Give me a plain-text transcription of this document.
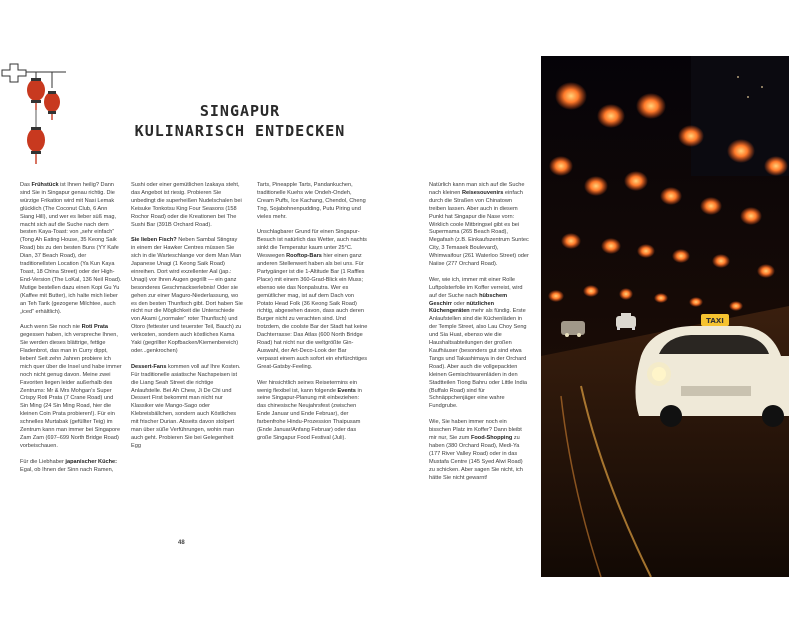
SINGAPUR
KULINARISCH ENTDECKEN

Das Frühstück ist Ihnen heilig? Dann sind Sie in Singapur genau richtig. Die würzige Frikation wird mit Nasi Lemak glücklich (The Coconut Club, 6 Ann Siang Hill), und wer es lieber süß mag, macht sich auf die Suche nach dem besten Kaya-Toast: von „sehr einfach“ (Tong Ah Eating House, 35 Keong Saik Road) bis zu den besten Buns (YY Kafe Dian, 37 Beach Road), der traditionellsten Location (Ya Kun Kaya Toast, 18 China Street) oder der High-End-Version (The LoKal, 136 Neil Road). Mutige bestellen dazu einen Kopi Gu Yu (Kaffee mit Butter), ich halte mich lieber an Teh Tarik (gezogene Milchtee, auch „iced“ erhältlich).

Auch wenn Sie noch nie Roti Prata gegessen haben, ich verspreche Ihnen, Sie werden dieses blättrige, fettige Fladenbrot, das man in Curry dippt, lieben! Seit zehn Jahren probiere ich mich quer über die Insel und habe immer noch nicht genug davon. Meine zwei Favoriten liegen leider außerhalb des Zentrums: Mr & Mrs Mohgan’s Super Crispy Roti Prata (7 Crane Road) und Sin Ming (24 Sin Ming Road, hier die kleinen Coin Prata probieren!). Für ein schnelles Murtabak (gefüllter Teig) im Zentrum kann man immer bei Singapore Zam Zam (697–699 North Bridge Road) vorbeischauen.

Für die Liebhaber japanischer Küche: Egal, ob Ihnen der Sinn nach Ramen,

Sushi oder einer gemütlichen Izakaya steht, das Angebot ist riesig. Probieren Sie unbedingt die superheißen Nudelschalen bei Keisuke Tonkotsu King Four Seasons (158 Rochor Road) oder die Kreationen bei The Sushi Bar (391B Orchard Road).

Sie lieben Fisch? Neben Sambal Stingray in einem der Hawker Centres müssen Sie sich in die Warteschlange vor dem Man Man Japanese Unagi (1 Keong Saik Road) einreihen. Dort wird exzellenter Aal (jap.: Unagi) vor Ihren Augen gegrillt — ein ganz besonderes Geschmackserlebnis! Oder sie gehen zur einer Maguro-Niederlassung, wo es den besten Thunfisch gibt. Dort haben Sie nicht nur die Möglichkeit die Unterschiede von Akami („normaler“ roter Thunfisch) und Otoro (fettester und teuerster Teil, Bauch) zu verkosten, sondern auch köstliches Kama Yaki (gegrillter Kopfbacken/Kiemenbereich) oder...genkrochen)

Dessert-Fans kommen voll auf Ihre Kosten. Für traditionelle asiatische Nachspeisen ist die Liang Seah Street die richtige Anlaufstelle. Bei Ah Chew, Ji De Chi und Dessert First bekommt man nicht nur Klassiker wie Mango-Sago oder Klebreisbällchen, sondern auch Köstliches mit frischer Durian. Abseits davon stolpert man über süße Verführungen, wohin man auch geht. Probieren Sie bei Gelegenheit Egg

Tarts, Pineapple Tarts, Pandankuchen, traditionelle Kuehs wie Ondeh-Ondeh, Cream Puffs, Ice Kachang, Chendol, Cheng Tng, Sojabohnenpudding, Putu Piring und vieles mehr.

Unschlagbarer Grund für einen Singapur-Besuch ist natürlich das Wetter, auch nachts sinkt die Temperatur kaum unter 25°C. Weswegen Rooftop-Bars hier einen ganz anderen Stellenwert haben als bei uns. Für Partygänger ist die 1-Altitude Bar (1 Raffles Place) mit einem 360-Grad-Blick ein Muss; ebenso wie das Nonpalsutra. Wer es gemütlicher mag, ist auf dem Dach von Potato Head Folk (36 Keong Saik Road) richtig, abgesehen davon, dass auch deren Burger nicht zu verachten sind. Und trotzdem, die coolste Bar der Stadt hat keine Dachterrasse: Das Atlas (600 North Bridge Road) hat nicht nur die weltgrößte Gin-Auswahl, der Art-Deco-Look der Bar verpasst einem auch sofort ein ehrfürchtiges Great-Gatsby-Feeling.

Wer hinsichtlich seines Reisetermins ein wenig flexibel ist, kann folgende Events in seine Singapur-Planung mit einbeziehen: das chinesische Neujahrsfest (zwischen Ende Januar und Ende Februar), der farbenfrohe Hindu-Prozession Thaipusam (Ende Januar/Anfang Februar) oder das große Singapur Food Festival (Juli).

Natürlich kann man sich auf die Suche nach kleinen Reisesouvenirs einfach durch die Straßen von Chinatown treiben lassen. Aber auch in diesem Punkt hat Singapur die Nase vorn: Wirklich coole Mitbringsel gibt es bei Supermama (265 Beach Road), Megafash (z.B. Einkaufszentrum Suntec City, 3 Temasek Boulevard), Whimwaifour (261 Waterloo Street) oder Naiise (277 Orchard Road).

Wer, wie ich, immer mit einer Rolle Luftpolsterfolie im Koffer verreist, wird auf der Suche nach hübschem Geschirr oder nützlichen Küchengeräten mehr als fündig. Erste Anlaufstellen sind die Küchenläden in der Temple Street, also Lau Choy Seng und Sia Huat, ebenso wie die Haushaltsabteilungen der großen Kaufhäuser (besonders gut sind etwa Tangs und Takashimaya in der Orchard Road). Aber auch die vollgepackten kleinen Gemischtwarenläden in den Stadtteilen Tiong Bahru oder Little India (Buffalo Road) sind für Schnäppchenjäger eine wahre Fundgrube.

Wie, Sie haben immer noch ein bisschen Platz im Koffer? Dann bleibt mir nur, Sie zum Food-Shopping zu haben (380 Orchard Road), Medi-Ya (177 River Valley Road) oder in das Mustafa Centre (145 Syed Alwi Road) zu schicken. Aber sagen Sie nicht, ich hätte Sie nicht gewarnt!

48
TAXI
